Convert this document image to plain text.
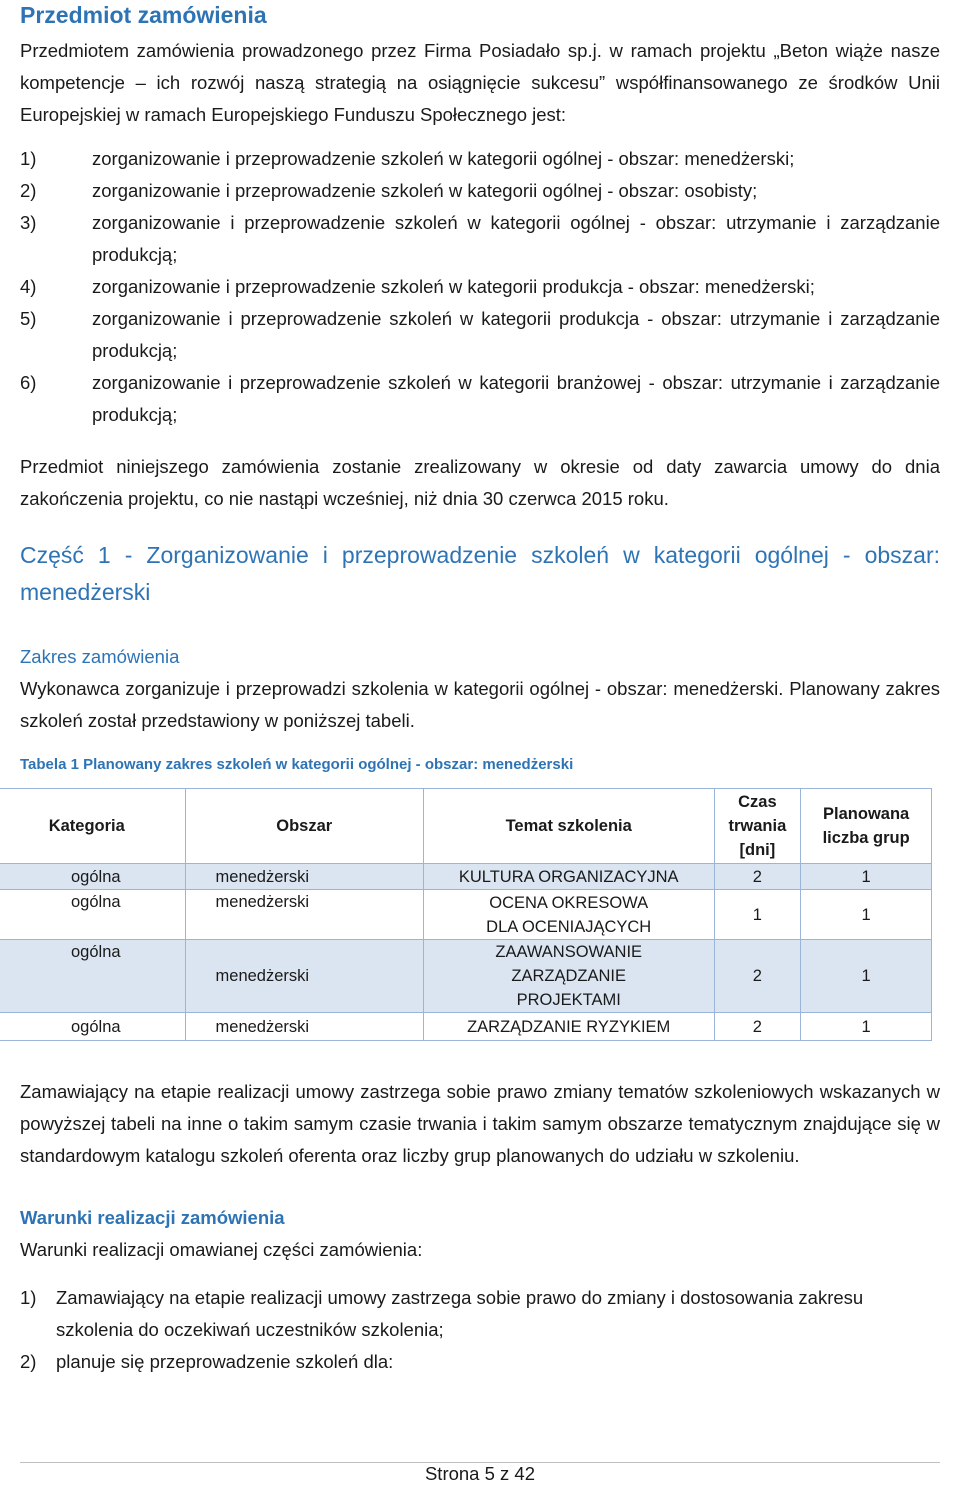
Przedmiot zamówienia

Przedmiotem zamówienia prowadzonego przez Firma Posiadało sp.j. w ramach projektu „Beton wiąże nasze kompetencje – ich rozwój naszą strategią na osiągnięcie sukcesu” współfinansowanego ze środków Unii Europejskiej w ramach Europejskiego Funduszu Społecznego jest:

1)	zorganizowanie i przeprowadzenie szkoleń w kategorii ogólnej - obszar: menedżerski;
2)	zorganizowanie i przeprowadzenie szkoleń w kategorii ogólnej - obszar: osobisty;
3)	zorganizowanie i przeprowadzenie szkoleń w kategorii ogólnej - obszar: utrzymanie i zarządzanie produkcją;
4)	zorganizowanie i przeprowadzenie szkoleń w kategorii produkcja - obszar: menedżerski;
5)	zorganizowanie i przeprowadzenie szkoleń w kategorii produkcja - obszar: utrzymanie i zarządzanie produkcją;
6)	zorganizowanie i przeprowadzenie szkoleń w kategorii branżowej - obszar: utrzymanie i zarządzanie produkcją;

Przedmiot niniejszego zamówienia zostanie zrealizowany w okresie od daty zawarcia umowy do dnia zakończenia projektu, co nie nastąpi wcześniej, niż dnia 30 czerwca 2015 roku.

Część 1 - Zorganizowanie i przeprowadzenie szkoleń w kategorii ogólnej - obszar: menedżerski
Zakres zamówienia

Wykonawca zorganizuje i przeprowadzi szkolenia w kategorii ogólnej - obszar: menedżerski. Planowany zakres szkoleń został przedstawiony w poniższej tabeli.

Tabela 1 Planowany zakres szkoleń w kategorii ogólnej - obszar: menedżerski
Kategoria	Obszar	Temat szkolenia	Czas trwania [dni]	Planowana liczba grup
ogólna	menedżerski	KULTURA ORGANIZACYJNA	2	1
ogólna	menedżerski	OCENA OKRESOWA DLA OCENIAJĄCYCH	1	1
ogólna	menedżerski	ZAAWANSOWANIE ZARZĄDZANIE PROJEKTAMI	2	1
ogólna	menedżerski	ZARZĄDZANIE RYZYKIEM	2	1

Zamawiający na etapie realizacji umowy zastrzega sobie prawo zmiany tematów szkoleniowych wskazanych w powyższej tabeli na inne o takim samym czasie trwania i takim samym obszarze tematycznym znajdujące się w standardowym katalogu szkoleń oferenta oraz liczby grup planowanych do udziału w szkoleniu.

Warunki realizacji zamówienia
Warunki realizacji omawianej części zamówienia:
1) Zamawiający na etapie realizacji umowy zastrzega sobie prawo do zmiany i dostosowania zakresu szkolenia do oczekiwań uczestników szkolenia;
2) planuje się przeprowadzenie szkoleń dla:
Strona 5 z 42
